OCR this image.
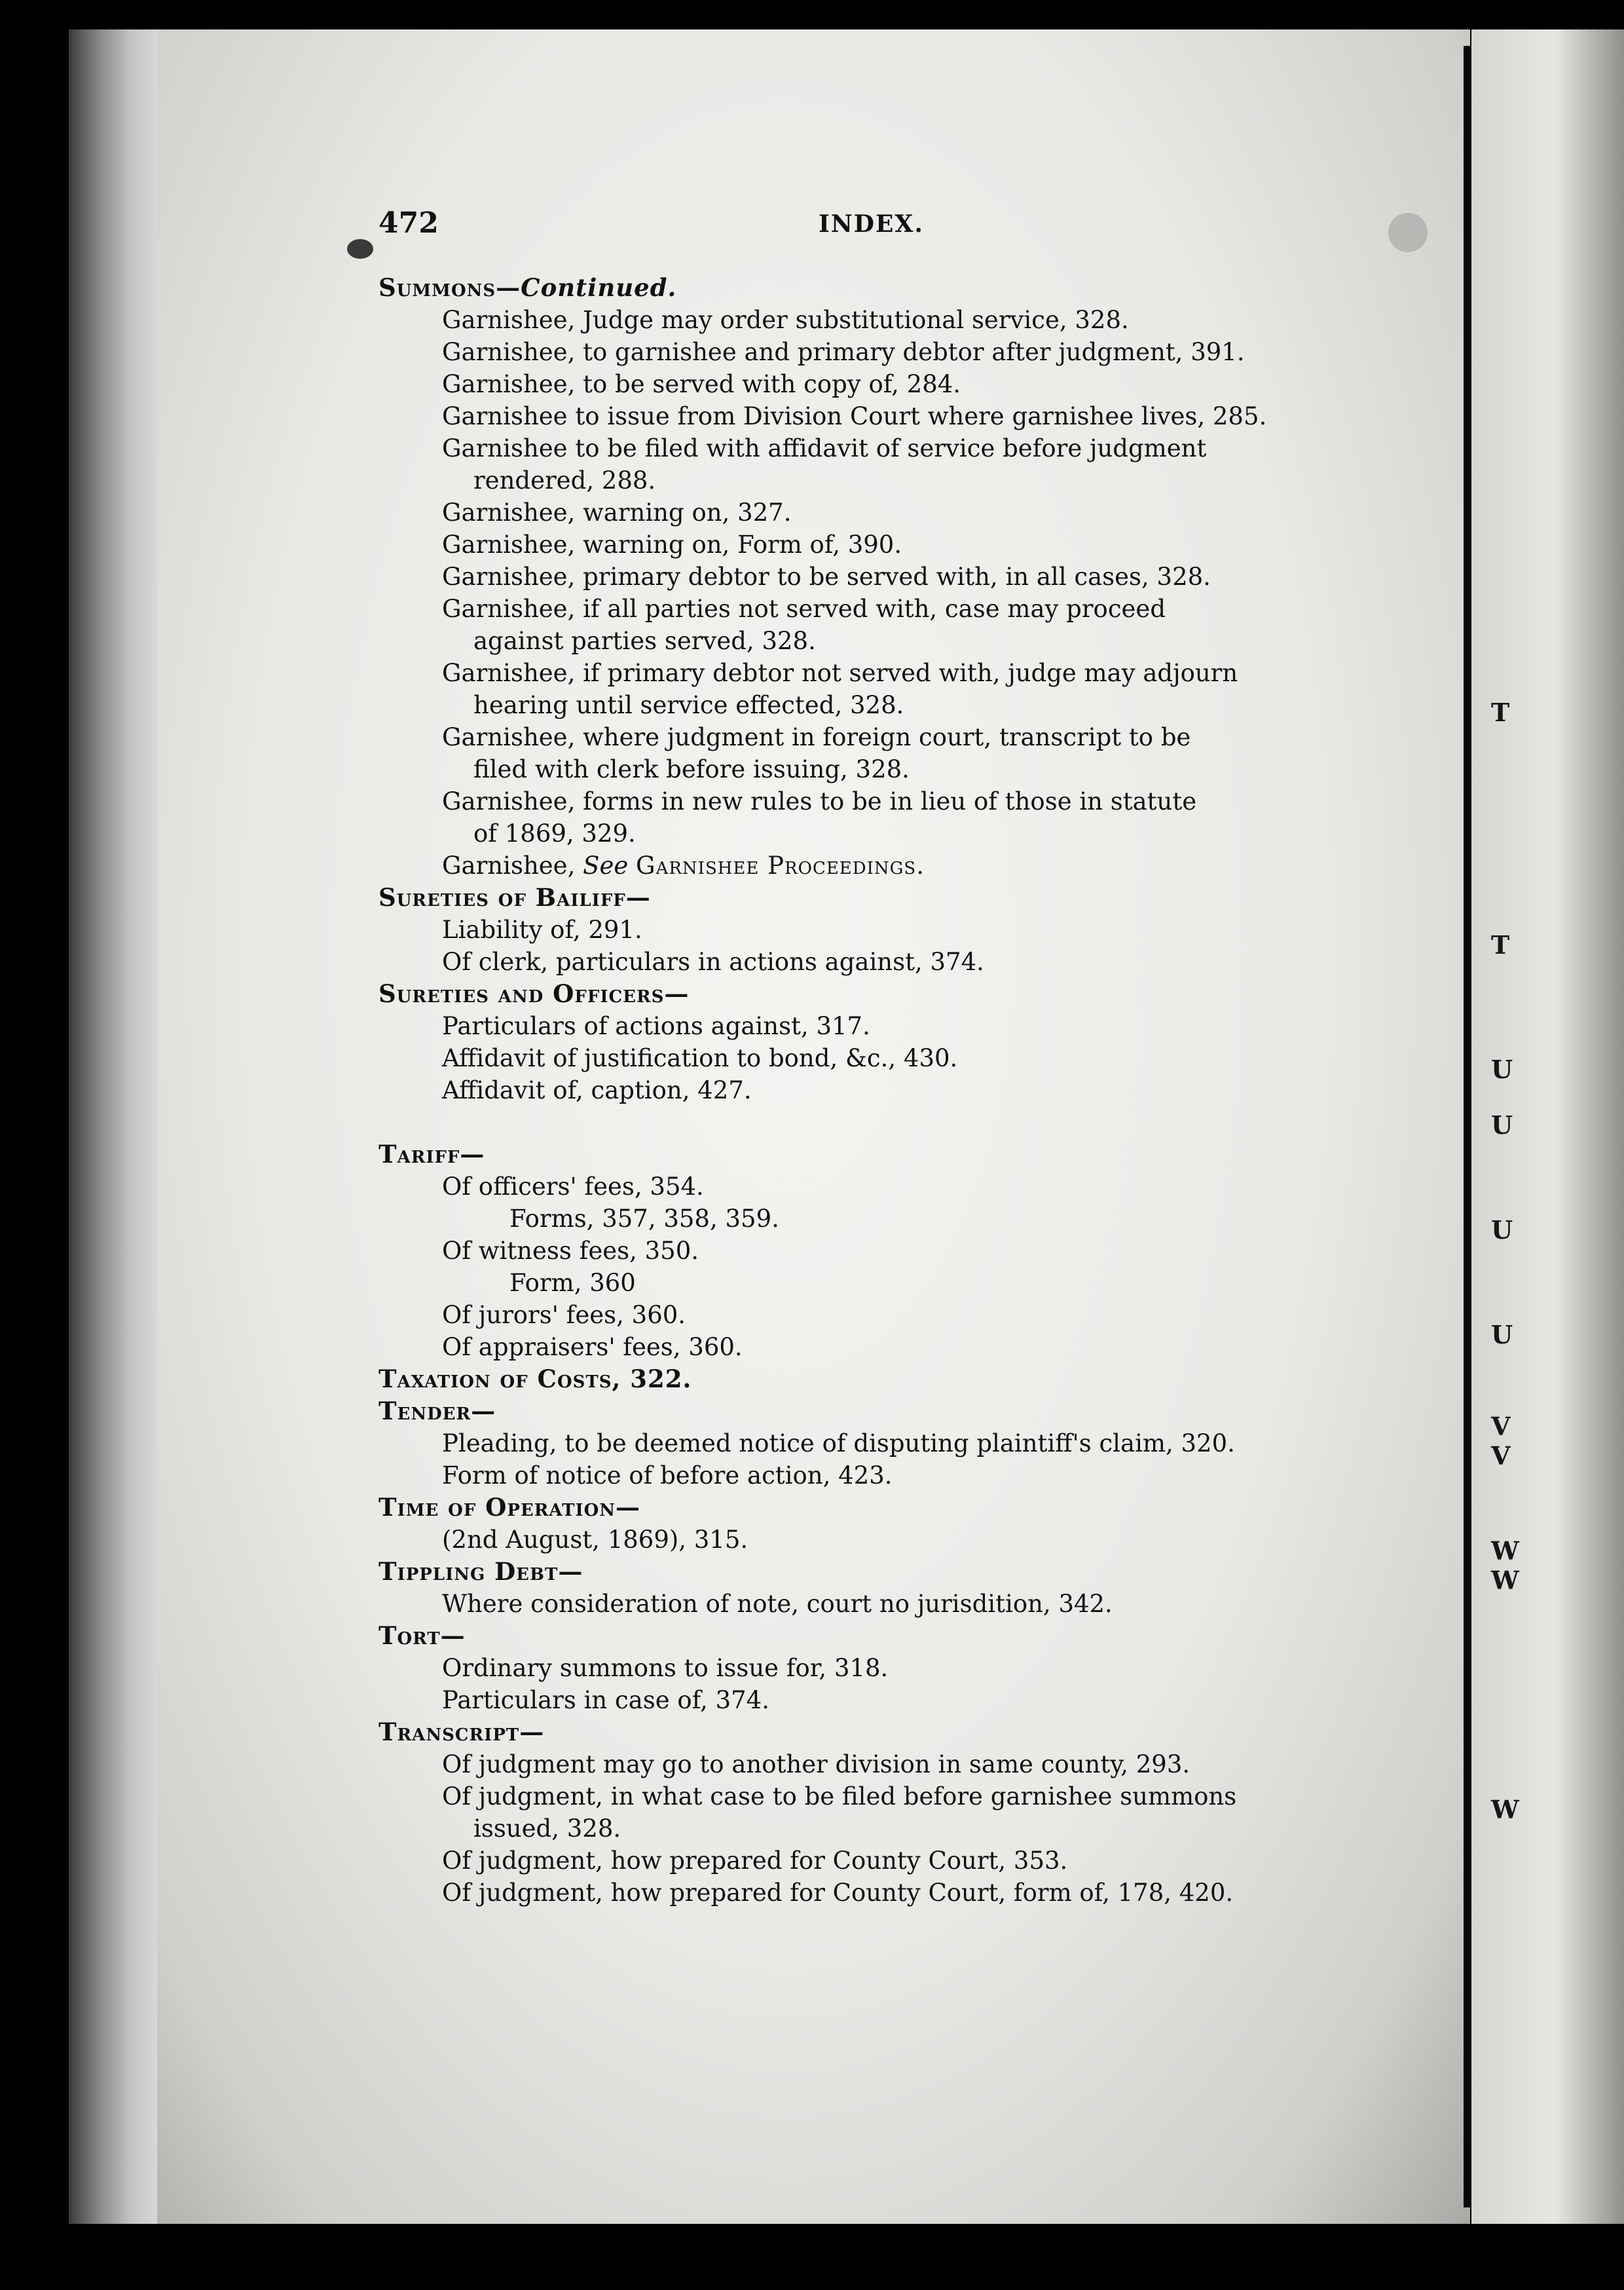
472	INDEX.
Summons—Continued.
Garnishee, Judge may order substitutional service, 328.
Garnishee, to garnishee and primary debtor after judgment, 391.
Garnishee, to be served with copy of, 284.
Garnishee to issue from Division Court where garnishee lives, 285.
Garnishee to be filed with affidavit of service before judgment
rendered, 288.
Garnishee, warning on, 327.
Garnishee, warning on, Form of, 390.
Garnishee, primary debtor to be served with, in all cases, 328.
Garnishee, if all parties not served with, case may proceed
against parties served, 328.
Garnishee, if primary debtor not served with, judge may adjourn
hearing until service effected, 328.
Garnishee, where judgment in foreign court, transcript to be
filed with clerk before issuing, 328.
Garnishee, forms in new rules to be in lieu of those in statute
of 1869, 329.
Garnishee, See Garnishee Proceedings.
Sureties of Bailiff—
Liability of, 291.
Of clerk, particulars in actions against, 374.
Sureties and Officers—
Particulars of actions against, 317.
Affidavit of justification to bond, &c., 430.
Affidavit of, caption, 427.
Tariff—
Of officers' fees, 354.
Forms, 357, 358, 359.
Of witness fees, 350.
Form, 360
Of jurors' fees, 360.
Of appraisers' fees, 360.
Taxation of Costs, 322.
Tender—
Pleading, to be deemed notice of disputing plaintiff's claim, 320.
Form of notice of before action, 423.
Time of Operation—
(2nd August, 1869), 315.
Tippling Debt—
Where consideration of note, court no jurisdition, 342.
Tort—
Ordinary summons to issue for, 318.
Particulars in case of, 374.
Transcript—
Of judgment may go to another division in same county, 293.
Of judgment, in what case to be filed before garnishee summons
issued, 328.
Of judgment, how prepared for County Court, 353.
Of judgment, how prepared for County Court, form of, 178, 420.
T
T
U
U
U
U
V
V
W
W
W
